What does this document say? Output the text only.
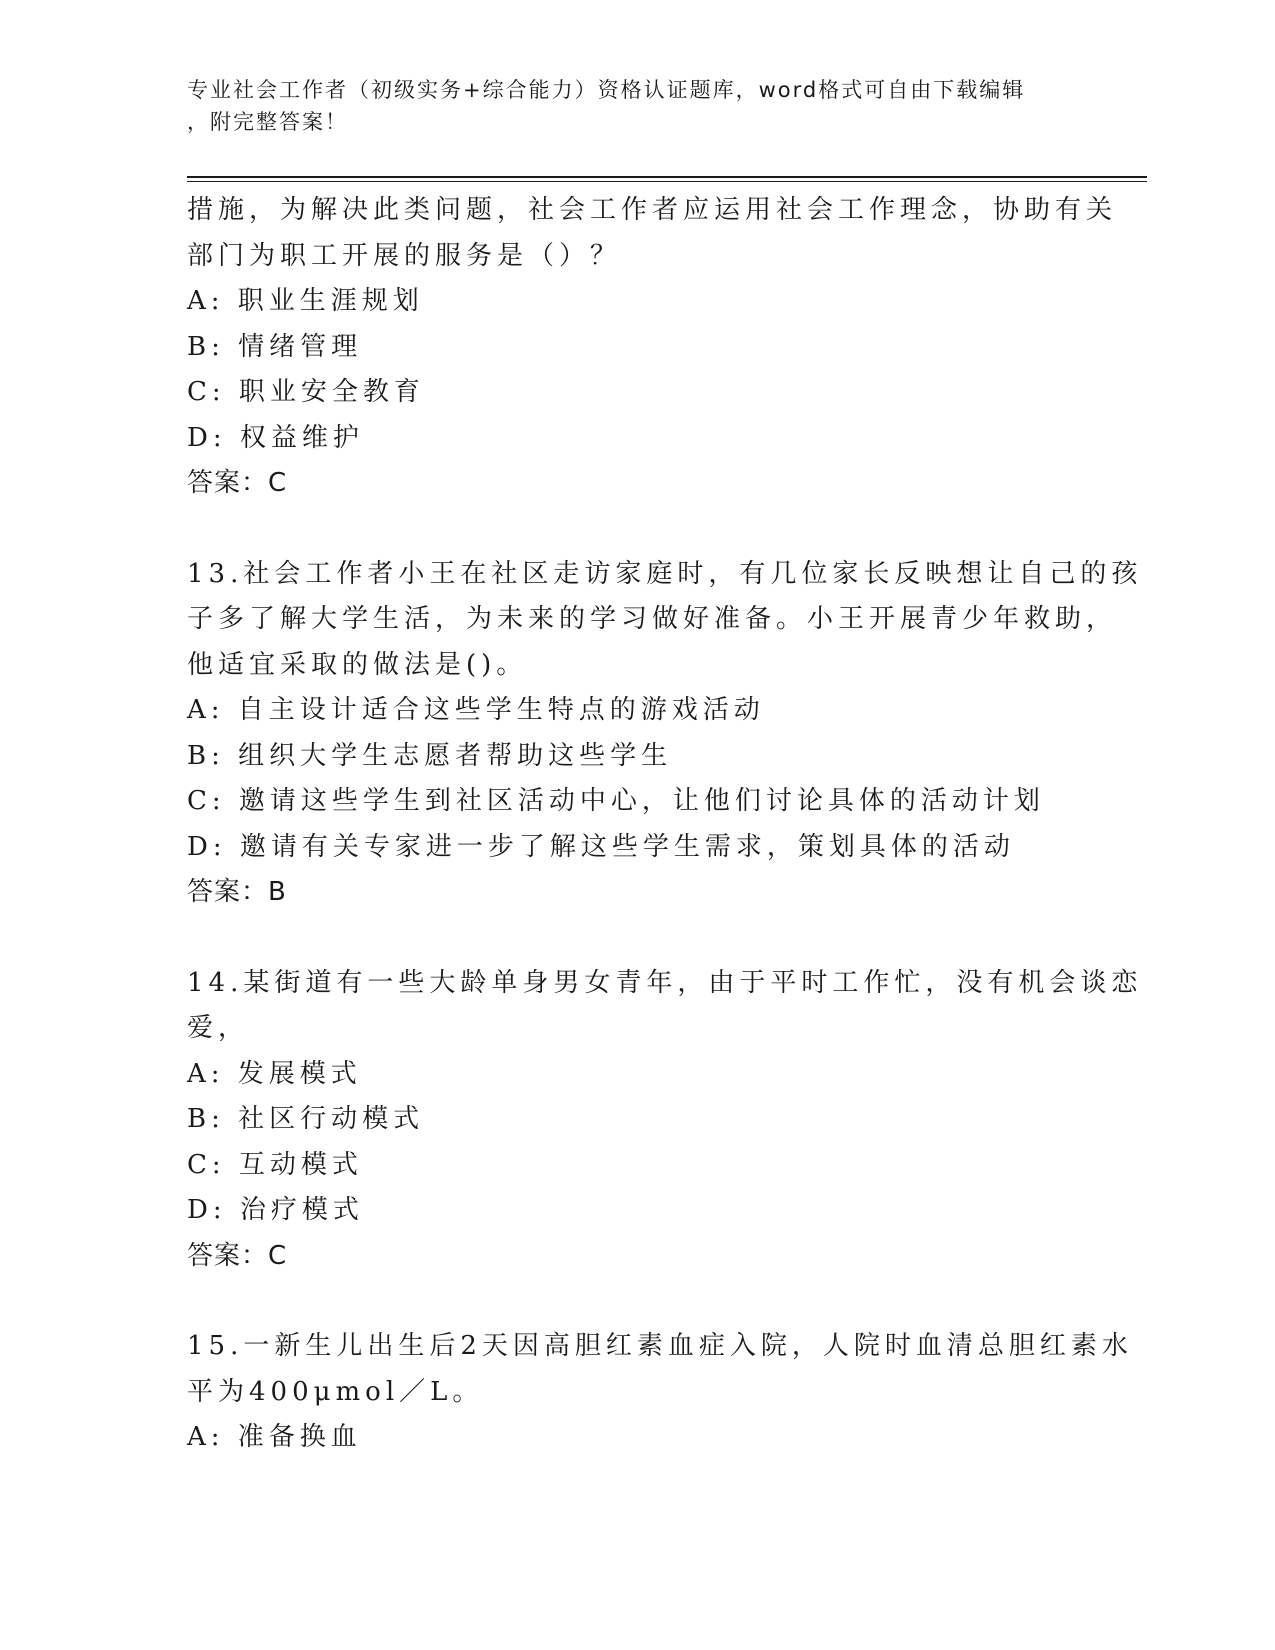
专业社会工作者（初级实务+综合能力）资格认证题库，word格式可自由下载编辑
，附完整答案！
措施，为解决此类问题，社会工作者应运用社会工作理念，协助有关
部门为职工开展的服务是（）？
A: 职业生涯规划
B: 情绪管理
C: 职业安全教育
D: 权益维护
答案：C
13.社会工作者小王在社区走访家庭时，有几位家长反映想让自己的孩
子多了解大学生活，为未来的学习做好准备。小王开展青少年救助，
他适宜采取的做法是()。
A: 自主设计适合这些学生特点的游戏活动
B: 组织大学生志愿者帮助这些学生
C: 邀请这些学生到社区活动中心，让他们讨论具体的活动计划
D: 邀请有关专家进一步了解这些学生需求，策划具体的活动
答案：B
14.某街道有一些大龄单身男女青年，由于平时工作忙，没有机会谈恋
爱，
A: 发展模式
B: 社区行动模式
C: 互动模式
D: 治疗模式
答案：C
15.一新生儿出生后2天因高胆红素血症入院，人院时血清总胆红素水
平为400μmol／L。
A: 准备换血
